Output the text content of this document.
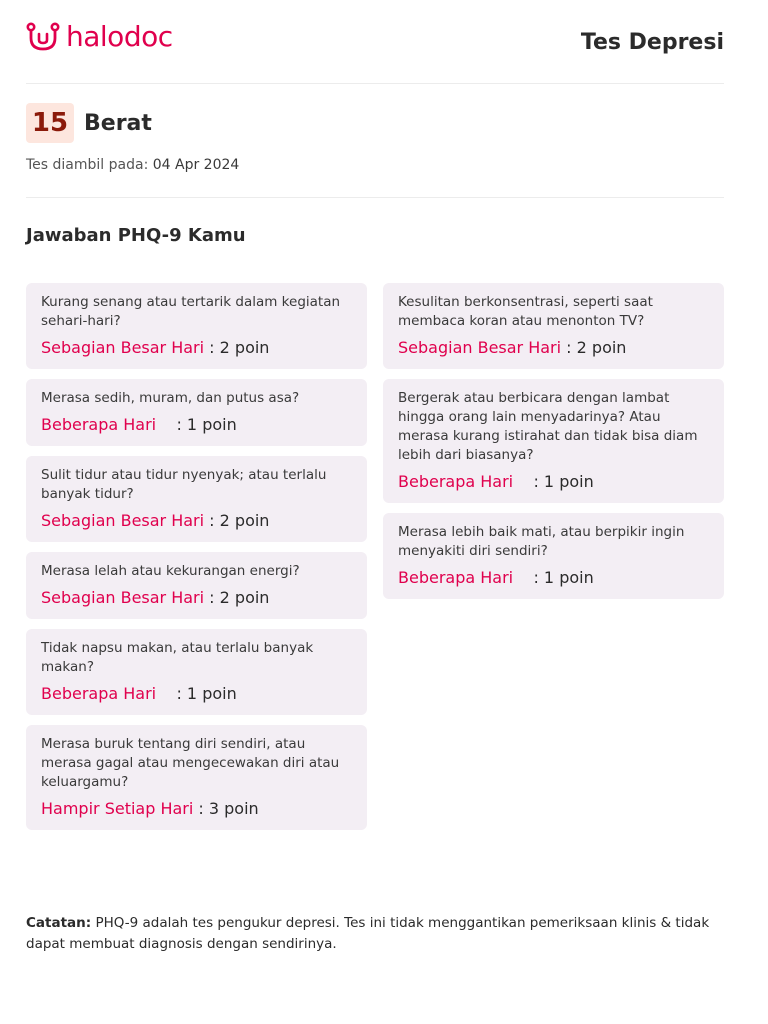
halodoc	Tes Depresi
15 Berat
Tes diambil pada: 04 Apr 2024
Jawaban PHQ-9 Kamu
Kurang senang atau tertarik dalam kegiatan sehari-hari?
Sebagian Besar Hari : 2 poin
Merasa sedih, muram, dan putus asa?
Beberapa Hari : 1 poin
Sulit tidur atau tidur nyenyak; atau terlalu banyak tidur?
Sebagian Besar Hari : 2 poin
Merasa lelah atau kekurangan energi?
Sebagian Besar Hari : 2 poin
Tidak napsu makan, atau terlalu banyak makan?
Beberapa Hari : 1 poin
Merasa buruk tentang diri sendiri, atau merasa gagal atau mengecewakan diri atau keluargamu?
Hampir Setiap Hari : 3 poin
Kesulitan berkonsentrasi, seperti saat membaca koran atau menonton TV?
Sebagian Besar Hari : 2 poin
Bergerak atau berbicara dengan lambat hingga orang lain menyadarinya? Atau merasa kurang istirahat dan tidak bisa diam lebih dari biasanya?
Beberapa Hari : 1 poin
Merasa lebih baik mati, atau berpikir ingin menyakiti diri sendiri?
Beberapa Hari : 1 poin
Catatan: PHQ-9 adalah tes pengukur depresi. Tes ini tidak menggantikan pemeriksaan klinis & tidak dapat membuat diagnosis dengan sendirinya.
